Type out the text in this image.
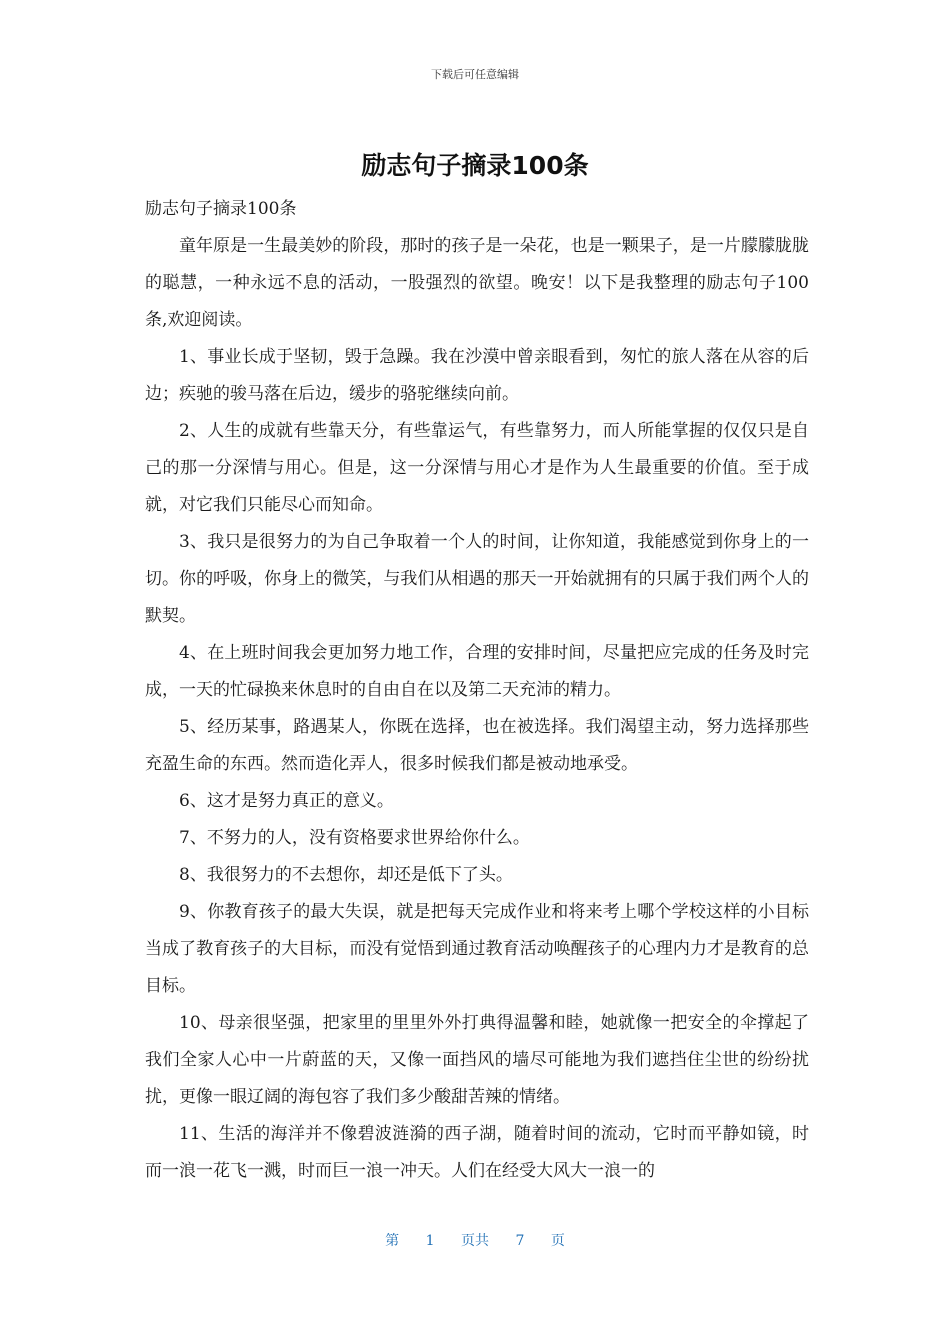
下载后可任意编辑
励志句子摘录100条

励志句子摘录100条

童年原是一生最美妙的阶段，那时的孩子是一朵花，也是一颗果子，是一片朦朦胧胧的聪慧，一种永远不息的活动，一股强烈的欲望。晚安！以下是我整理的励志句子100条,欢迎阅读。

1、事业长成于坚韧，毁于急躁。我在沙漠中曾亲眼看到，匆忙的旅人落在从容的后边；疾驰的骏马落在后边，缓步的骆驼继续向前。

2、人生的成就有些靠天分，有些靠运气，有些靠努力，而人所能掌握的仅仅只是自己的那一分深情与用心。但是，这一分深情与用心才是作为人生最重要的价值。至于成就，对它我们只能尽心而知命。

3、我只是很努力的为自己争取着一个人的时间，让你知道，我能感觉到你身上的一切。你的呼吸，你身上的微笑，与我们从相遇的那天一开始就拥有的只属于我们两个人的默契。

4、在上班时间我会更加努力地工作，合理的安排时间，尽量把应完成的任务及时完成，一天的忙碌换来休息时的自由自在以及第二天充沛的精力。

5、经历某事，路遇某人，你既在选择，也在被选择。我们渴望主动，努力选择那些充盈生命的东西。然而造化弄人，很多时候我们都是被动地承受。

6、这才是努力真正的意义。

7、不努力的人，没有资格要求世界给你什么。

8、我很努力的不去想你，却还是低下了头。

9、你教育孩子的最大失误，就是把每天完成作业和将来考上哪个学校这样的小目标当成了教育孩子的大目标，而没有觉悟到通过教育活动唤醒孩子的心理内力才是教育的总目标。

10、母亲很坚强，把家里的里里外外打典得温馨和睦，她就像一把安全的伞撑起了我们全家人心中一片蔚蓝的天，又像一面挡风的墙尽可能地为我们遮挡住尘世的纷纷扰扰，更像一眼辽阔的海包容了我们多少酸甜苦辣的情绪。

11、生活的海洋并不像碧波涟漪的西子湖，随着时间的流动，它时而平静如镜，时而一浪一花飞一溅，时而巨一浪一冲天。人们在经受大风大一浪一的

第 1 页共 7 页
